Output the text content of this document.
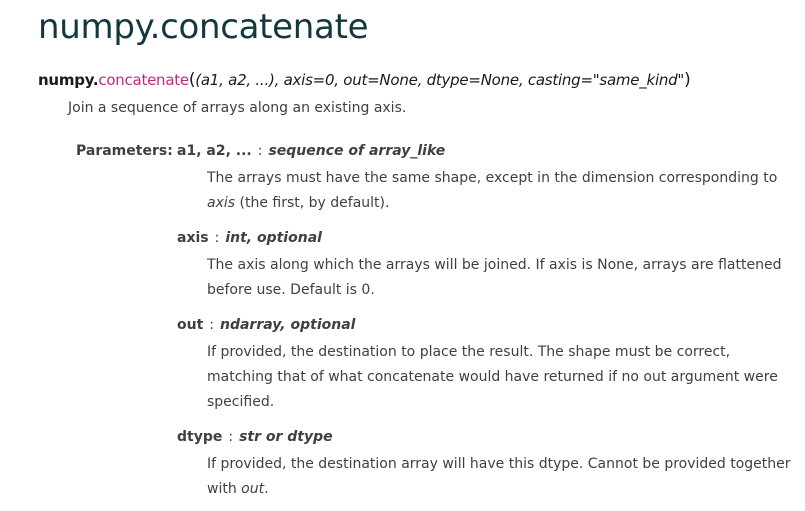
numpy.concatenate
numpy.concatenate((a1, a2, ...), axis=0, out=None, dtype=None, casting="same_kind")
Join a sequence of arrays along an existing axis.
Parameters: a1, a2, ... : sequence of array_like
The arrays must have the same shape, except in the dimension corresponding to
axis (the first, by default).
axis : int, optional
The axis along which the arrays will be joined. If axis is None, arrays are flattened
before use. Default is 0.
out : ndarray, optional
If provided, the destination to place the result. The shape must be correct,
matching that of what concatenate would have returned if no out argument were
specified.
dtype : str or dtype
If provided, the destination array will have this dtype. Cannot be provided together
with out.
